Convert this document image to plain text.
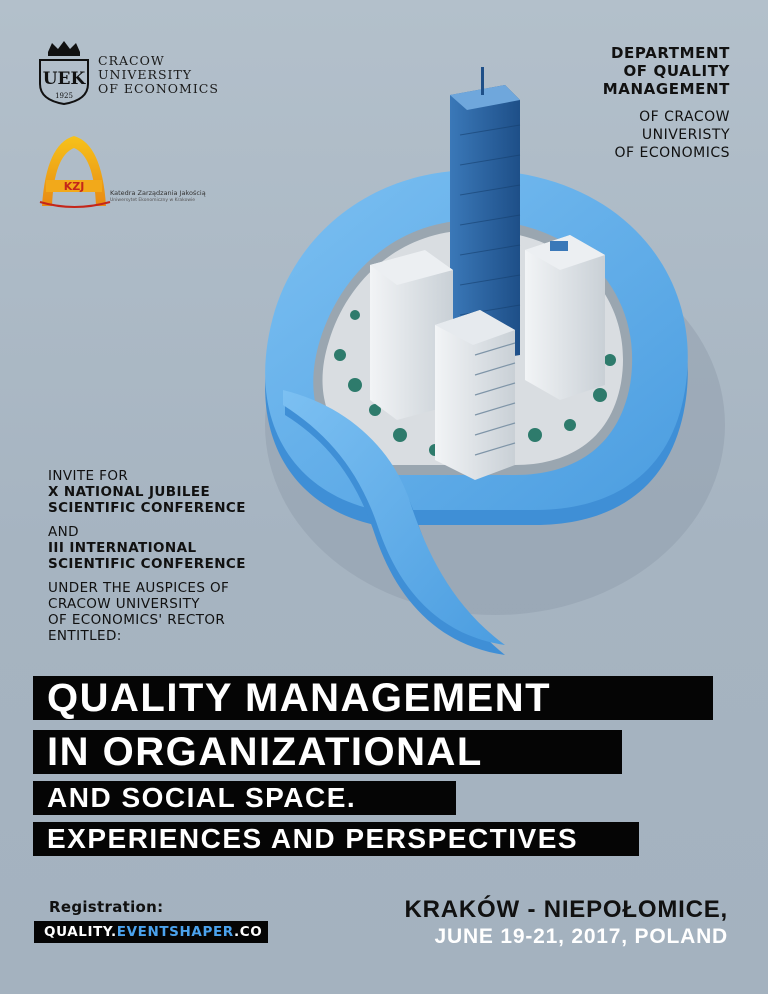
UEK
1925
CRACOW
UNIVERSITY
OF ECONOMICS
KZJ	Katedra Zarządzania Jakością
Uniwersytet Ekonomiczny w Krakowie
DEPARTMENT
OF QUALITY
MANAGEMENT
OF CRACOW
UNIVERISTY
OF ECONOMICS
INVITE FOR
X NATIONAL JUBILEE
SCIENTIFIC CONFERENCE
AND
III INTERNATIONAL
SCIENTIFIC CONFERENCE
UNDER THE AUSPICES OF
CRACOW UNIVERSITY
OF ECONOMICS' RECTOR
ENTITLED:
QUALITY MANAGEMENT
IN ORGANIZATIONAL
AND SOCIAL SPACE.
EXPERIENCES AND PERSPECTIVES
Registration:
QUALITY.EVENTSHAPER.CO
KRAKÓW - NIEPOŁOMICE,
JUNE 19-21, 2017, POLAND
